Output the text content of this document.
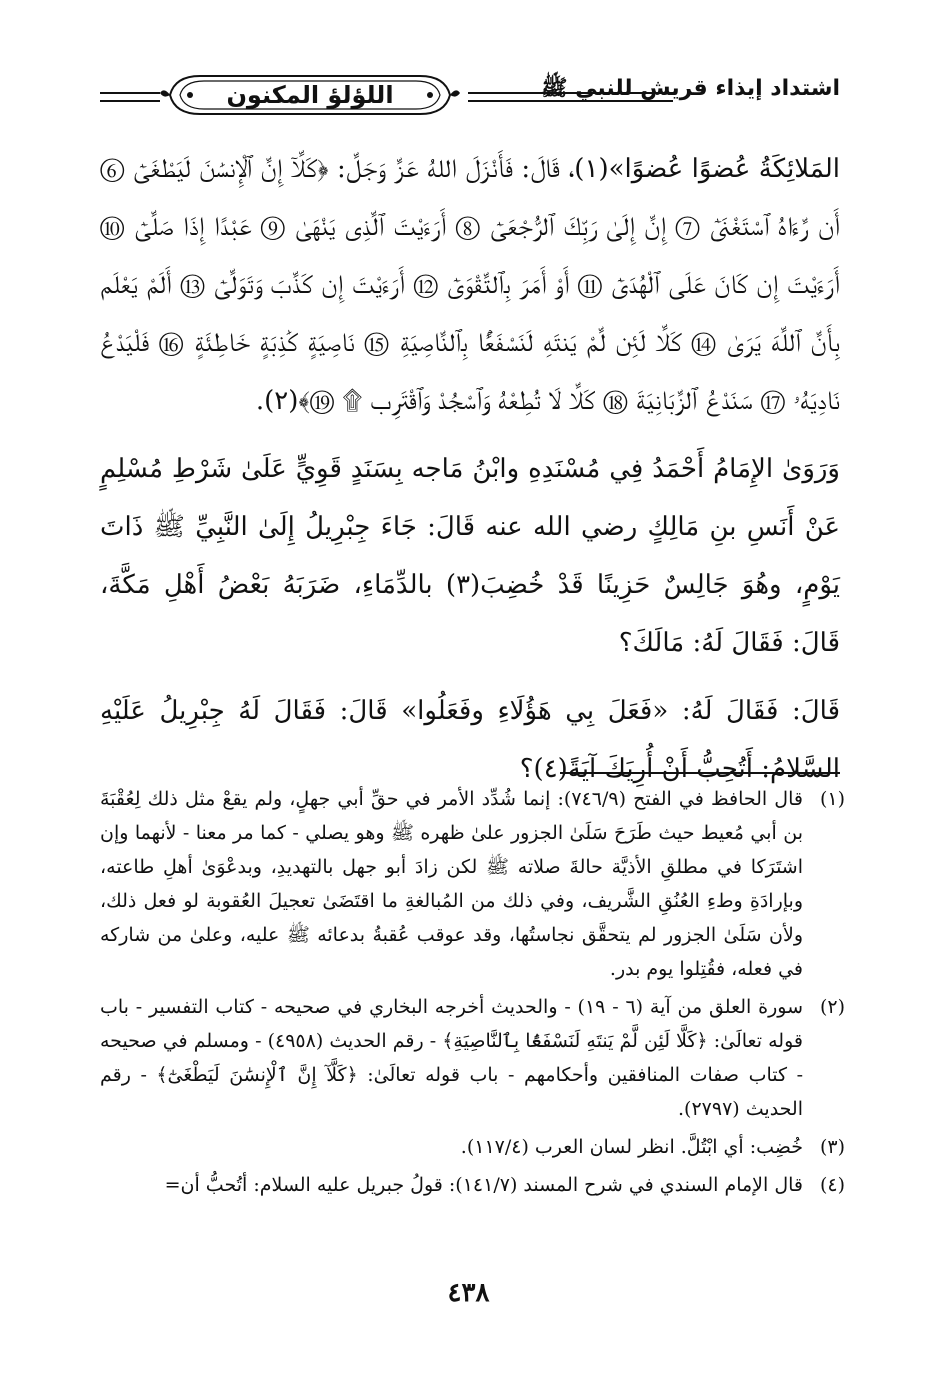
اللؤلؤ المكنون	اشتداد إيذاء قريش للنبي ﷺ

المَلائِكَةُ عُضوًا عُضوًا»(١)، قَالَ: فَأَنْزَلَ اللهُ عَزَّ وَجَلَّ: ﴿كَلَّآ إِنَّ ٱلْإِنسَٰنَ لَيَطْغَىٰٓ ⑥ أَن رَّءَاهُ ٱسْتَغْنَىٰٓ ⑦ إِنَّ إِلَىٰ رَبِّكَ ٱلرُّجْعَىٰٓ ⑧ أَرَءَيْتَ ٱلَّذِى يَنْهَىٰ ⑨ عَبْدًا إِذَا صَلَّىٰٓ ⑩ أَرَءَيْتَ إِن كَانَ عَلَى ٱلْهُدَىٰٓ ⑪ أَوْ أَمَرَ بِٱلتَّقْوَىٰٓ ⑫ أَرَءَيْتَ إِن كَذَّبَ وَتَوَلَّىٰٓ ⑬ أَلَمْ يَعْلَم بِأَنَّ ٱللَّهَ يَرَىٰ ⑭ كَلَّا لَئِن لَّمْ يَنتَهِ لَنَسْفَعًۢا بِٱلنَّاصِيَةِ ⑮ نَاصِيَةٍ كَٰذِبَةٍ خَاطِئَةٍ ⑯ فَلْيَدْعُ نَادِيَهُۥ ⑰ سَنَدْعُ ٱلزَّبَانِيَةَ ⑱ كَلَّا لَا تُطِعْهُ وَٱسْجُدْ وَٱقْتَرِب ۩ ⑲﴾(٢).

وَرَوَىٰ الإِمَامُ أَحْمَدُ فِي مُسْنَدِهِ وابْنُ مَاجه بِسَنَدٍ قَوِيٍّ عَلَىٰ شَرْطِ مُسْلِمٍ عَنْ أَنَسِ بنِ مَالِكٍ رضي الله عنه قَالَ: جَاءَ جِبْرِيلُ إِلَىٰ النَّبِيِّ ﷺ ذَاتَ يَوْمٍ، وهُوَ جَالِسٌ حَزِينًا قَدْ خُضِبَ(٣) بالدِّمَاءِ، ضَرَبَهُ بَعْضُ أَهْلِ مَكَّةَ، قَالَ: فَقَالَ لَهُ: مَالَكَ؟

قَالَ: فَقَالَ لَهُ: «فَعَلَ بِي هَؤُلَاءِ وفَعَلُوا» قَالَ: فَقَالَ لَهُ جِبْرِيلُ عَلَيْهِ السَّلامُ: أَتُحِبُّ أَنْ أُرِيَكَ آيَةً(٤)؟

(١)
قال الحافظ في الفتح (٧٤٦/٩): إنما شُدِّد الأمر في حقِّ أبي جهلٍ، ولم يقعْ مثل ذلك لِعُقْبَةَ بن أبي مُعيط حيث طَرَحَ سَلَىٰ الجزور علىٰ ظهره ﷺ وهو يصلي - كما مر معنا - لأنهما وإن اشتَرَكا في مطلقِ الأذيَّة حالةَ صلاته ﷺ لكن زادَ أبو جهل بالتهديدِ، وبدعْوَىٰ أهلِ طاعته، وبإرادَةِ وطءِ العُنُقِ الشَّريف، وفي ذلك من المُبالغةِ ما اقتَضَىٰ تعجيلَ العُقوبة لو فعل ذلك، ولأن سَلَىٰ الجزور لم يتحقَّق نجاستُها، وقد عوقب عُقبةُ بدعائه ﷺ عليه، وعلىٰ من شاركه في فعله، فقُتِلوا يوم بدر.
(٢)
سورة العلق من آية (٦ - ١٩) - والحديث أخرجه البخاري في صحيحه - كتاب التفسير - باب قوله تعالَىٰ: ﴿كَلَّا لَئِن لَّمْ يَنتَهِ لَنَسْفَعًۢا بِٱلنَّاصِيَةِ﴾ - رقم الحديث (٤٩٥٨) - ومسلم في صحيحه - كتاب صفات المنافقين وأحكامهم - باب قوله تعالَىٰ: ﴿كَلَّآ إِنَّ ٱلْإِنسَٰنَ لَيَطْغَىٰٓ﴾ - رقم الحديث (٢٧٩٧).
(٣)
خُضِب: أي ابْتُلَّ. انظر لسان العرب (١١٧/٤).
(٤)
قال الإمام السندي في شرح المسند (١٤١/٧): قولُ جبريل عليه السلام: أتُحبُّ أن=
٤٣٨
